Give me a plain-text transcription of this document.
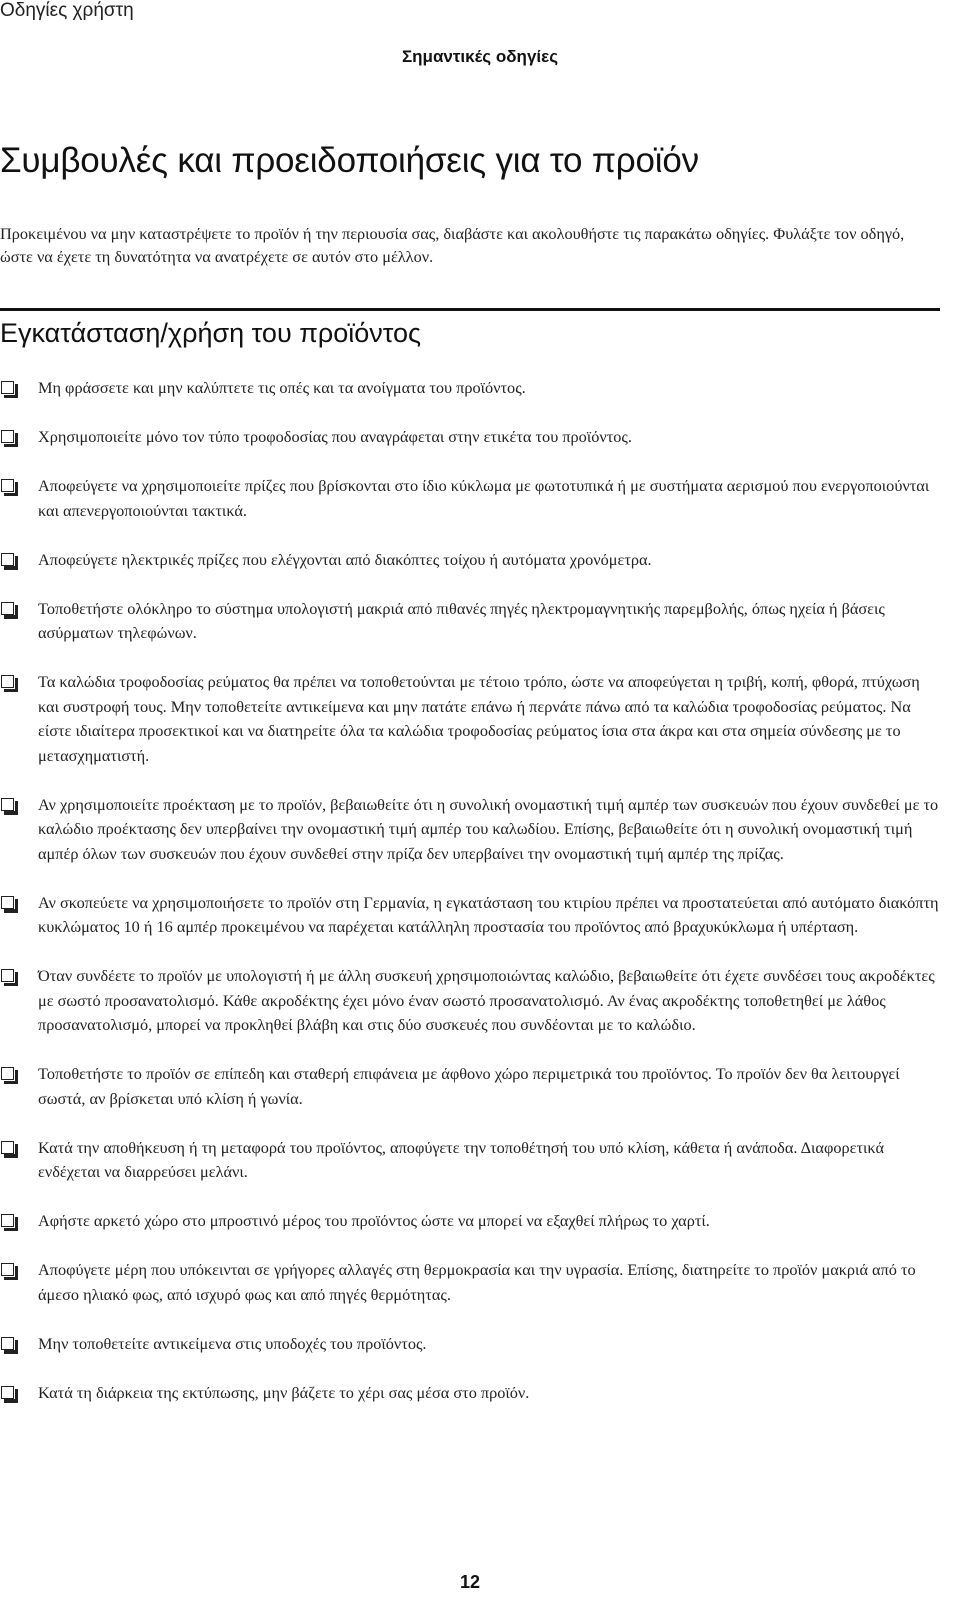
Οδηγίες χρήστη
Σημαντικές οδηγίες
Συμβουλές και προειδοποιήσεις για το προϊόν

Προκειμένου να μην καταστρέψετε το προϊόν ή την περιουσία σας, διαβάστε και ακολουθήστε τις παρακάτω οδηγίες. Φυλάξτε τον οδηγό, ώστε να έχετε τη δυνατότητα να ανατρέχετε σε αυτόν στο μέλλον.

Εγκατάσταση/χρήση του προϊόντος
Μη φράσσετε και μην καλύπτετε τις οπές και τα ανοίγματα του προϊόντος.
Χρησιμοποιείτε μόνο τον τύπο τροφοδοσίας που αναγράφεται στην ετικέτα του προϊόντος.
Αποφεύγετε να χρησιμοποιείτε πρίζες που βρίσκονται στο ίδιο κύκλωμα με φωτοτυπικά ή με συστήματα αερισμού που ενεργοποιούνται και απενεργοποιούνται τακτικά.
Αποφεύγετε ηλεκτρικές πρίζες που ελέγχονται από διακόπτες τοίχου ή αυτόματα χρονόμετρα.
Τοποθετήστε ολόκληρο το σύστημα υπολογιστή μακριά από πιθανές πηγές ηλεκτρομαγνητικής παρεμβολής, όπως ηχεία ή βάσεις ασύρματων τηλεφώνων.
Τα καλώδια τροφοδοσίας ρεύματος θα πρέπει να τοποθετούνται με τέτοιο τρόπο, ώστε να αποφεύγεται η τριβή, κοπή, φθορά, πτύχωση και συστροφή τους. Μην τοποθετείτε αντικείμενα και μην πατάτε επάνω ή περνάτε πάνω από τα καλώδια τροφοδοσίας ρεύματος. Να είστε ιδιαίτερα προσεκτικοί και να διατηρείτε όλα τα καλώδια τροφοδοσίας ρεύματος ίσια στα άκρα και στα σημεία σύνδεσης με το μετασχηματιστή.
Αν χρησιμοποιείτε προέκταση με το προϊόν, βεβαιωθείτε ότι η συνολική ονομαστική τιμή αμπέρ των συσκευών που έχουν συνδεθεί με το καλώδιο προέκτασης δεν υπερβαίνει την ονομαστική τιμή αμπέρ του καλωδίου. Επίσης, βεβαιωθείτε ότι η συνολική ονομαστική τιμή αμπέρ όλων των συσκευών που έχουν συνδεθεί στην πρίζα δεν υπερβαίνει την ονομαστική τιμή αμπέρ της πρίζας.
Αν σκοπεύετε να χρησιμοποιήσετε το προϊόν στη Γερμανία, η εγκατάσταση του κτιρίου πρέπει να προστατεύεται από αυτόματο διακόπτη κυκλώματος 10 ή 16 αμπέρ προκειμένου να παρέχεται κατάλληλη προστασία του προϊόντος από βραχυκύκλωμα ή υπέρταση.
Όταν συνδέετε το προϊόν με υπολογιστή ή με άλλη συσκευή χρησιμοποιώντας καλώδιο, βεβαιωθείτε ότι έχετε συνδέσει τους ακροδέκτες με σωστό προσανατολισμό. Κάθε ακροδέκτης έχει μόνο έναν σωστό προσανατολισμό. Αν ένας ακροδέκτης τοποθετηθεί με λάθος προσανατολισμό, μπορεί να προκληθεί βλάβη και στις δύο συσκευές που συνδέονται με το καλώδιο.
Τοποθετήστε το προϊόν σε επίπεδη και σταθερή επιφάνεια με άφθονο χώρο περιμετρικά του προϊόντος. Το προϊόν δεν θα λειτουργεί σωστά, αν βρίσκεται υπό κλίση ή γωνία.
Κατά την αποθήκευση ή τη μεταφορά του προϊόντος, αποφύγετε την τοποθέτησή του υπό κλίση, κάθετα ή ανάποδα. Διαφορετικά ενδέχεται να διαρρεύσει μελάνι.
Αφήστε αρκετό χώρο στο μπροστινό μέρος του προϊόντος ώστε να μπορεί να εξαχθεί πλήρως το χαρτί.
Αποφύγετε μέρη που υπόκεινται σε γρήγορες αλλαγές στη θερμοκρασία και την υγρασία. Επίσης, διατηρείτε το προϊόν μακριά από το άμεσο ηλιακό φως, από ισχυρό φως και από πηγές θερμότητας.
Μην τοποθετείτε αντικείμενα στις υποδοχές του προϊόντος.
Κατά τη διάρκεια της εκτύπωσης, μην βάζετε το χέρι σας μέσα στο προϊόν.
12
